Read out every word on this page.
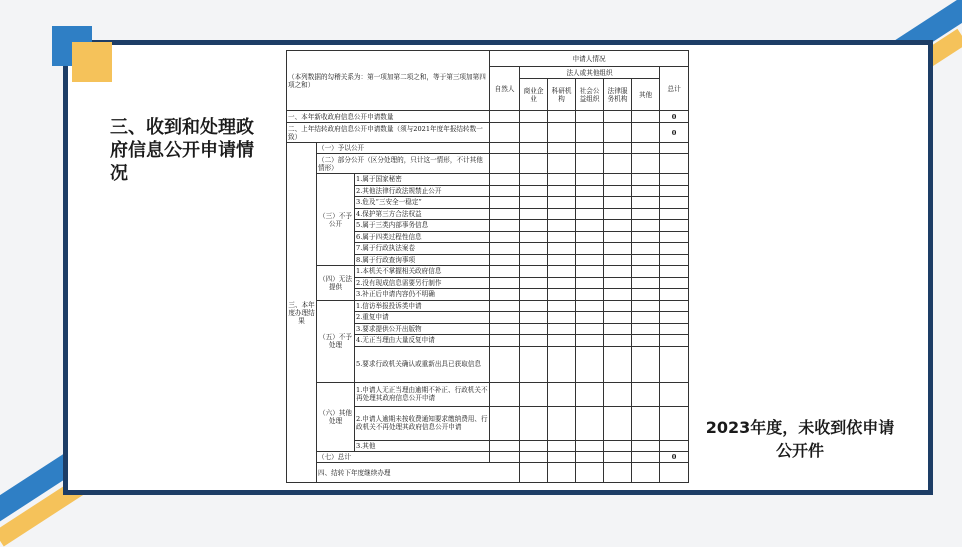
三、收到和处理政府信息公开申请情况
2023年度，未收到依申请公开件
（本列数据的勾稽关系为：第一项加第二项之和，等于第三项加第四项之和）			申请人情况							
			自然人	法人或其他组织					总计	
				商业企业	科研机构	社会公益组织	法律服务机构	其他		
一、本年新收政府信息公开申请数量									0	
二、上年结转政府信息公开申请数量（须与2021年度年报结转数一致）									0	
三、本年度办理结果	（一）予以公开									
	（二）部分公开（区分处理的，只计这一情形，不计其他情形）									
	（三）不予公开	1.属于国家秘密								
		2.其他法律行政法规禁止公开								
		3.危及“三安全一稳定”								
		4.保护第三方合法权益								
		5.属于三类内部事务信息								
		6.属于四类过程性信息								
		7.属于行政执法案卷								
		8.属于行政查询事项								
	（四）无法提供	1.本机关不掌握相关政府信息								
		2.没有现成信息需要另行制作								
		3.补正后申请内容仍不明确								
	（五）不予处理	1.信访举报投诉类申请								
		2.重复申请								
		3.要求提供公开出版物								
		4.无正当理由大量反复申请								
		5.要求行政机关确认或重新出具已获取信息								
	（六）其他处理	1.申请人无正当理由逾期不补正、行政机关不再处理其政府信息公开申请								
		2.申请人逾期未按收费通知要求缴纳费用、行政机关不再处理其政府信息公开申请								
		3.其他								
	（七）总计								0	
	四、结转下年度继续办理									
